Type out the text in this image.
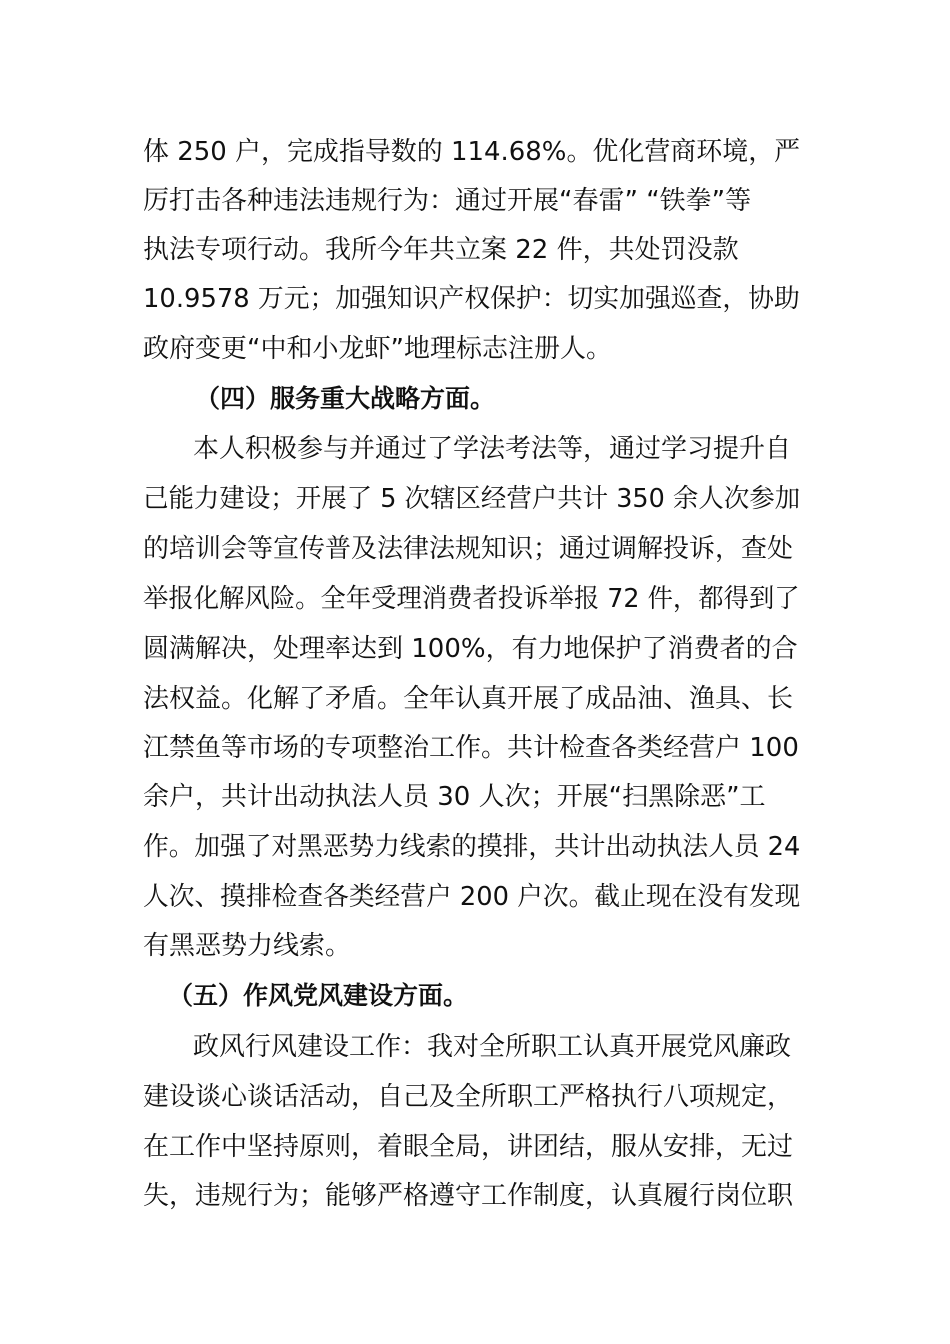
体 250 户，完成指导数的 114.68%。优化营商环境，严
厉打击各种违法违规行为：通过开展“春雷” “铁拳”等
执法专项行动。我所今年共立案 22 件，共处罚没款
10.9578 万元；加强知识产权保护：切实加强巡查，协助
政府变更“中和小龙虾”地理标志注册人。
（四）服务重大战略方面。
本人积极参与并通过了学法考法等，通过学习提升自
己能力建设；开展了 5 次辖区经营户共计 350 余人次参加
的培训会等宣传普及法律法规知识；通过调解投诉，查处
举报化解风险。全年受理消费者投诉举报 72 件，都得到了
圆满解决，处理率达到 100%，有力地保护了消费者的合
法权益。化解了矛盾。全年认真开展了成品油、渔具、长
江禁鱼等市场的专项整治工作。共计检查各类经营户 100
余户，共计出动执法人员 30 人次；开展“扫黑除恶”工
作。加强了对黑恶势力线索的摸排，共计出动执法人员 24
人次、摸排检查各类经营户 200 户次。截止现在没有发现
有黑恶势力线索。
（五）作风党风建设方面。
政风行风建设工作：我对全所职工认真开展党风廉政
建设谈心谈话活动，自己及全所职工严格执行八项规定，
在工作中坚持原则，着眼全局，讲团结，服从安排，无过
失，违规行为；能够严格遵守工作制度，认真履行岗位职
